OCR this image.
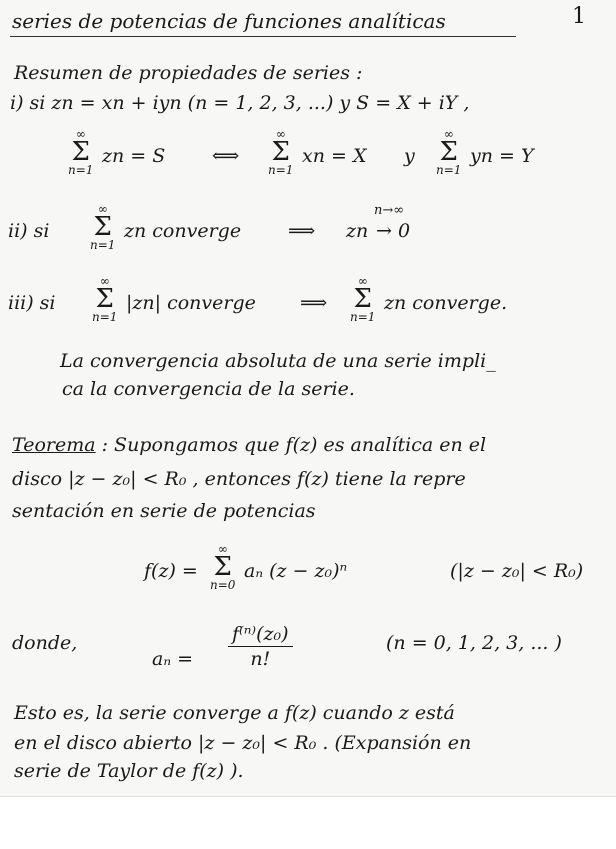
series de potencias de funciones analíticas	1
Resumen de propiedades de series :
i) si zn = xn + iyn (n = 1, 2, 3, ...) y S = X + iY ,
∞
Σ
n=1
zn = S ⟺
∞
Σ
n=1
xn = X y
∞
Σ
n=1
yn = Y
ii) si
∞
Σ
n=1
zn converge ⟹ zn
n→∞
→ 0
iii) si
∞
Σ
n=1
|zn| converge ⟹
∞
Σ
n=1
zn converge.
La convergencia absoluta de una serie impli_
ca la convergencia de la serie.
Teorema : Supongamos que f(z) es analítica en el
disco |z − z₀| < R₀ , entonces f(z) tiene la repre
sentación en serie de potencias
f(z) =
∞
Σ
n=0
aₙ (z − z₀)ⁿ	(|z − z₀| < R₀)
donde,
$a_n = \frac{\text{f⁽ⁿ⁾(z₀)}}{n!}$	(n = 0, 1, 2, 3, ... )
Esto es, la serie converge a f(z) cuando z está
en el disco abierto |z − z₀| < R₀ . (Expansión en
serie de Taylor de f(z) ).
